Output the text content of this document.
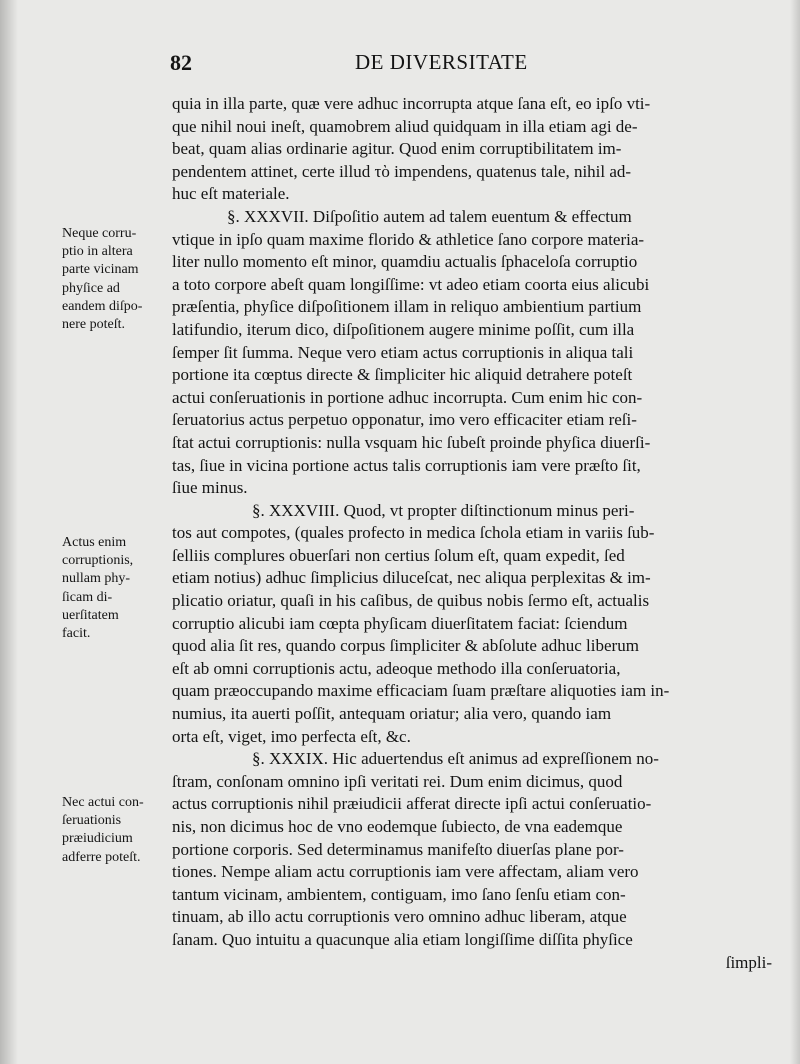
82	DE DIVERSITATE
quia in illa parte, quæ vere adhuc incorrupta atque ſana eſt, eo ipſo vti-
que nihil noui ineſt, quamobrem aliud quidquam in illa etiam agi de-
beat, quam alias ordinarie agitur. Quod enim corruptibilitatem im-
pendentem attinet, certe illud τὸ impendens, quatenus tale, nihil ad-
huc eſt materiale.
§. XXXVII. Diſpoſitio autem ad talem euentum & effectum
vtique in ipſo quam maxime florido & athletice ſano corpore materia-
liter nullo momento eſt minor, quamdiu actualis ſphaceloſa corruptio
a toto corpore abeſt quam longiſſime: vt adeo etiam coorta eius alicubi
præſentia, phyſice diſpoſitionem illam in reliquo ambientium partium
latifundio, iterum dico, diſpoſitionem augere minime poſſit, cum illa
ſemper ſit ſumma. Neque vero etiam actus corruptionis in aliqua tali
portione ita cœptus directe & ſimpliciter hic aliquid detrahere poteſt
actui conſeruationis in portione adhuc incorrupta. Cum enim hic con-
ſeruatorius actus perpetuo opponatur, imo vero efficaciter etiam reſi-
ſtat actui corruptionis: nulla vsquam hic ſubeſt proinde phyſica diuerſi-
tas, ſiue in vicina portione actus talis corruptionis iam vere præſto ſit,
ſiue minus.
§. XXXVIII. Quod, vt propter diſtinctionum minus peri-
tos aut compotes, (quales profecto in medica ſchola etiam in variis ſub-
ſelliis complures obuerſari non certius ſolum eſt, quam expedit, ſed
etiam notius) adhuc ſimplicius diluceſcat, nec aliqua perplexitas & im-
plicatio oriatur, quaſi in his caſibus, de quibus nobis ſermo eſt, actualis
corruptio alicubi iam cœpta phyſicam diuerſitatem faciat: ſciendum
quod alia ſit res, quando corpus ſimpliciter & abſolute adhuc liberum
eſt ab omni corruptionis actu, adeoque methodo illa conſeruatoria,
quam præoccupando maxime efficaciam ſuam præſtare aliquoties iam in-
numius, ita auerti poſſit, antequam oriatur; alia vero, quando iam
orta eſt, viget, imo perfecta eſt, &c.
§. XXXIX. Hic aduertendus eſt animus ad expreſſionem no-
ſtram, conſonam omnino ipſi veritati rei. Dum enim dicimus, quod
actus corruptionis nihil præiudicii afferat directe ipſi actui conſeruatio-
nis, non dicimus hoc de vno eodemque ſubiecto, de vna eademque
portione corporis. Sed determinamus manifeſto diuerſas plane por-
tiones. Nempe aliam actu corruptionis iam vere affectam, aliam vero
tantum vicinam, ambientem, contiguam, imo ſano ſenſu etiam con-
tinuam, ab illo actu corruptionis vero omnino adhuc liberam, atque
ſanam. Quo intuitu a quacunque alia etiam longiſſime diſſita phyſice
ſimpli-
Neque corru-
ptio in altera
parte vicinam
phyſice ad
eandem diſpo-
nere poteſt.
Actus enim
corruptionis,
nullam phy-
ſicam di-
uerſitatem
facit.
Nec actui con-
ſeruationis
præiudicium
adferre poteſt.
